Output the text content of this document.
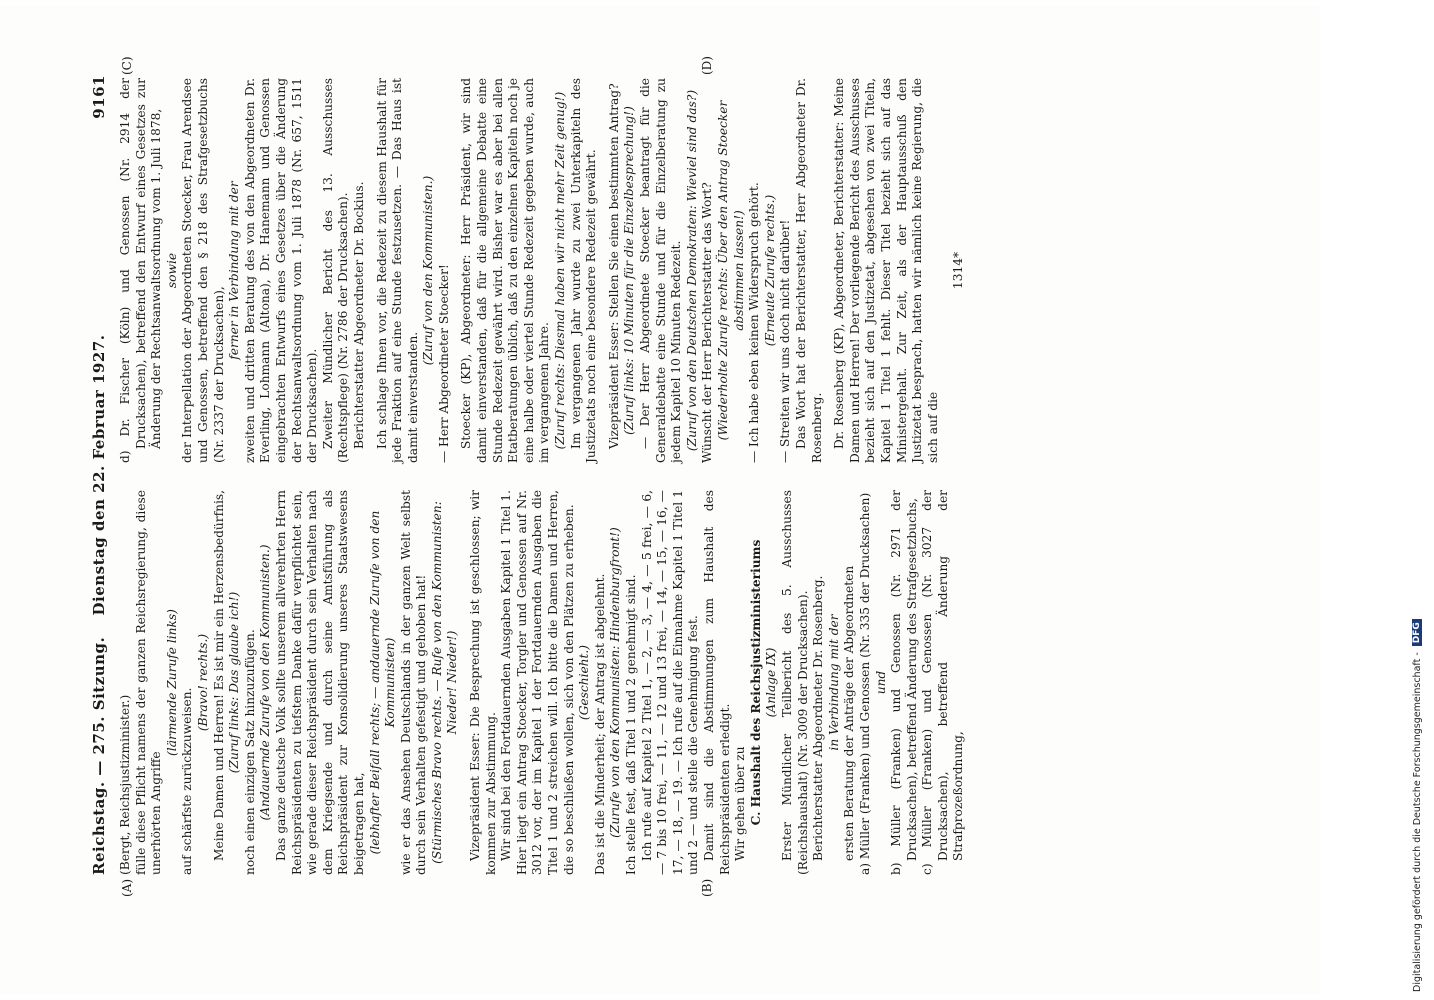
Reichstag. — 275. Sitzung.
Dienstag den 22. Februar 1927.
9161
(A)	(B)
(C)	(D)

(Bergt, Reichsjustizminister.) fülle diese Pflicht namens der ganzen Reichsregierung, diese unerhörten Angriffe

(lärmende Zurufe links)

auf schärfste zurückzuweisen.

(Bravo! rechts.) Meine Damen und Herren! Es ist mir ein Herzensbedürfnis, (Zuruf links: Das glaube ich!) noch einen einzigen Satz hinzuzufügen. (Andauernde Zurufe von den Kommunisten.) Das ganze deutsche Volk sollte unserem allverehrten Herrn Reichspräsidenten zu tiefstem Danke dafür verpflichtet sein, wie gerade dieser Reichspräsident durch sein Verhalten nach dem Kriegsende und durch seine Amtsführung als Reichspräsident zur Konsolidierung unseres Staatswesens beigetragen hat, (lebhafter Beifall rechts; — andauernde Zurufe von den Kommunisten) wie er das Ansehen Deutschlands in der ganzen Welt selbst durch sein Verhalten gefestigt und gehoben hat! (Stürmisches Bravo rechts. — Rufe von den Kommunisten: Nieder! Nieder!) Vizepräsident Esser: Die Besprechung ist geschlossen; wir kommen zur Abstimmung. Wir sind bei den Fortdauernden Ausgaben Kapitel 1 Titel 1. Hier liegt ein Antrag Stoecker, Torgler und Genossen auf Nr. 3012 vor, der im Kapitel 1 der Fortdauernden Ausgaben die Titel 1 und 2 streichen will. Ich bitte die Damen und Herren, die so beschließen wollen, sich von den Plätzen zu erheben. (Geschieht.) Das ist die Minderheit; der Antrag ist abgelehnt. (Zurufe von den Kommunisten: Hindenburgfront!) Ich stelle fest, daß Titel 1 und 2 genehmigt sind. Ich rufe auf Kapitel 2 Titel 1, — 2, — 3, — 4, — 5 frei, — 6, — 7 bis 10 frei, — 11, — 12 und 13 frei, — 14, — 15, — 16, — 17, — 18, — 19. — Ich rufe auf die Einnahme Kapitel 1 Titel 1 und 2 — und stelle die Genehmigung fest. Damit sind die Abstimmungen zum Haushalt des Reichspräsidenten erledigt. Wir gehen über zu C. Haushalt des Reichsjustizministeriums (Anlage IX) Erster Mündlicher Teilbericht des 5. Ausschusses (Reichshaushalt) (Nr. 3009 der Drucksachen). Berichterstatter Abgeordneter Dr. Rosenberg. in Verbindung mit der ersten Beratung der Anträge der Abgeordneten a) Müller (Franken) und Genossen (Nr. 335 der Drucksachen) und b) Müller (Franken) und Genossen (Nr. 2971 der Drucksachen), betreffend Änderung des Strafgesetzbuchs, c) Müller (Franken) und Genossen (Nr. 3027 der Drucksachen), betreffend Änderung der Strafprozeßordnung,

d) Dr. Fischer (Köln) und Genossen (Nr. 2914 der Drucksachen), betreffend den Entwurf eines Gesetzes zur Änderung der Rechtsanwaltsordnung vom 1. Juli 1878, sowie der Interpellation der Abgeordneten Stoecker, Frau Arendsee und Genossen, betreffend den § 218 des Strafgesetzbuchs (Nr. 2337 der Drucksachen),

ferner in Verbindung mit der zweiten und dritten Beratung des von den Abgeordneten Dr. Everling, Lohmann (Altona), Dr. Hanemann und Genossen eingebrachten Entwurfs eines Gesetzes über die Änderung der Rechtsanwaltsordnung vom 1. Juli 1878 (Nr. 657, 1511 der Drucksachen). Zweiter Mündlicher Bericht des 13. Ausschusses (Rechtspflege) (Nr. 2786 der Drucksachen). Berichterstatter Abgeordneter Dr. Bockius. Ich schlage Ihnen vor, die Redezeit zu diesem Haushalt für jede Fraktion auf eine Stunde festzusetzen. — Das Haus ist damit einverstanden.

(Zuruf von den Kommunisten.) — Herr Abgeordneter Stoecker! Stoecker (KP), Abgeordneter: Herr Präsident, wir sind damit einverstanden, daß für die allgemeine Debatte eine Stunde Redezeit gewährt wird. Bisher war es aber bei allen Etatberatungen üblich, daß zu den einzelnen Kapiteln noch je eine halbe oder viertel Stunde Redezeit gegeben wurde, auch im vergangenen Jahre. (Zuruf rechts: Diesmal haben wir nicht mehr Zeit genug!) Im vergangenen Jahr wurde zu zwei Unterkapiteln des Justizetats noch eine besondere Redezeit gewährt. Vizepräsident Esser: Stellen Sie einen bestimmten Antrag? (Zuruf links: 10 Minuten für die Einzelbesprechung!) — Der Herr Abgeordnete Stoecker beantragt für die Generaldebatte eine Stunde und für die Einzelberatung zu jedem Kapitel 10 Minuten Redezeit. (Zuruf von den Deutschen Demokraten: Wieviel sind das?) Wünscht der Herr Berichterstatter das Wort? (Wiederholte Zurufe rechts: Über den Antrag Stoecker abstimmen lassen!) — Ich habe eben keinen Widerspruch gehört. (Erneute Zurufe rechts.) — Streiten wir uns doch nicht darüber! Das Wort hat der Berichterstatter, Herr Abgeordneter Dr. Rosenberg. Dr. Rosenberg (KP), Abgeordneter, Berichterstatter: Meine Damen und Herren! Der vorliegende Bericht des Ausschusses bezieht sich auf den Justizetat, abgesehen von zwei Titeln, Kapitel 1 Titel 1 fehlt. Dieser Titel bezieht sich auf das Ministergehalt. Zur Zeit, als der Hauptausschuß den Justizetat besprach, hatten wir nämlich keine Regierung, die sich auf die

1314*

Digitalisierung gefördert durch die Deutsche Forschungsgemeinschaft -
DFG
